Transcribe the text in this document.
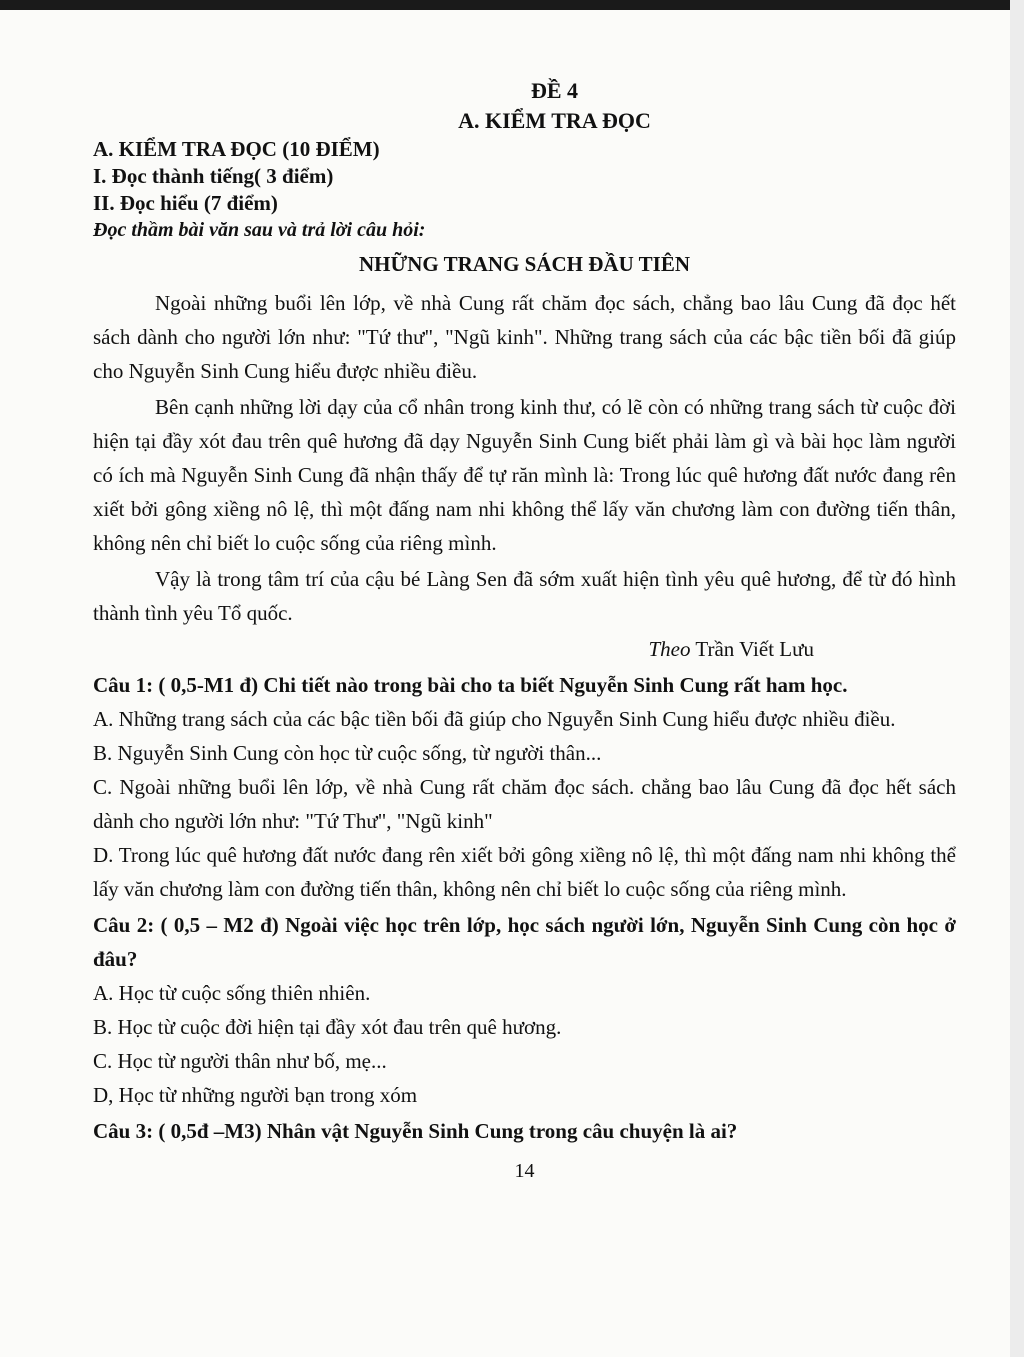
ĐỀ 4
A. KIỂM TRA ĐỌC
A. KIỂM TRA ĐỌC (10 ĐIỂM)
I. Đọc thành tiếng( 3 điểm)
II. Đọc hiểu (7 điểm)
Đọc thầm bài văn sau và trả lời câu hỏi:
NHỮNG TRANG SÁCH ĐẦU TIÊN

Ngoài những buổi lên lớp, về nhà Cung rất chăm đọc sách, chẳng bao lâu Cung đã đọc hết sách dành cho người lớn như: "Tứ thư", "Ngũ kinh". Những trang sách của các bậc tiền bối đã giúp cho Nguyễn Sinh Cung hiểu được nhiều điều.

Bên cạnh những lời dạy của cổ nhân trong kinh thư, có lẽ còn có những trang sách từ cuộc đời hiện tại đầy xót đau trên quê hương đã dạy Nguyễn Sinh Cung biết phải làm gì và bài học làm người có ích mà Nguyễn Sinh Cung đã nhận thấy để tự răn mình là: Trong lúc quê hương đất nước đang rên xiết bởi gông xiềng nô lệ, thì một đấng nam nhi không thể lấy văn chương làm con đường tiến thân, không nên chỉ biết lo cuộc sống của riêng mình.

Vậy là trong tâm trí của cậu bé Làng Sen đã sớm xuất hiện tình yêu quê hương, để từ đó hình thành tình yêu Tổ quốc.

Theo Trần Viết Lưu
Câu 1: ( 0,5-M1 đ) Chi tiết nào trong bài cho ta biết Nguyễn Sinh Cung rất ham học.
A. Những trang sách của các bậc tiền bối đã giúp cho Nguyễn Sinh Cung hiểu được nhiều điều.
B. Nguyễn Sinh Cung còn học từ cuộc sống, từ người thân...
C. Ngoài những buổi lên lớp, về nhà Cung rất chăm đọc sách. chẳng bao lâu Cung đã đọc hết sách dành cho người lớn như: "Tứ Thư", "Ngũ kinh"
D. Trong lúc quê hương đất nước đang rên xiết bởi gông xiềng nô lệ, thì một đấng nam nhi không thể lấy văn chương làm con đường tiến thân, không nên chỉ biết lo cuộc sống của riêng mình.
Câu 2: ( 0,5 – M2 đ) Ngoài việc học trên lớp, học sách người lớn, Nguyễn Sinh Cung còn học ở đâu?
A. Học từ cuộc sống thiên nhiên.
B. Học từ cuộc đời hiện tại đầy xót đau trên quê hương.
C. Học từ người thân như bố, mẹ...
D, Học từ những người bạn trong xóm
Câu 3: ( 0,5đ –M3) Nhân vật Nguyễn Sinh Cung trong câu chuyện là ai?
14
